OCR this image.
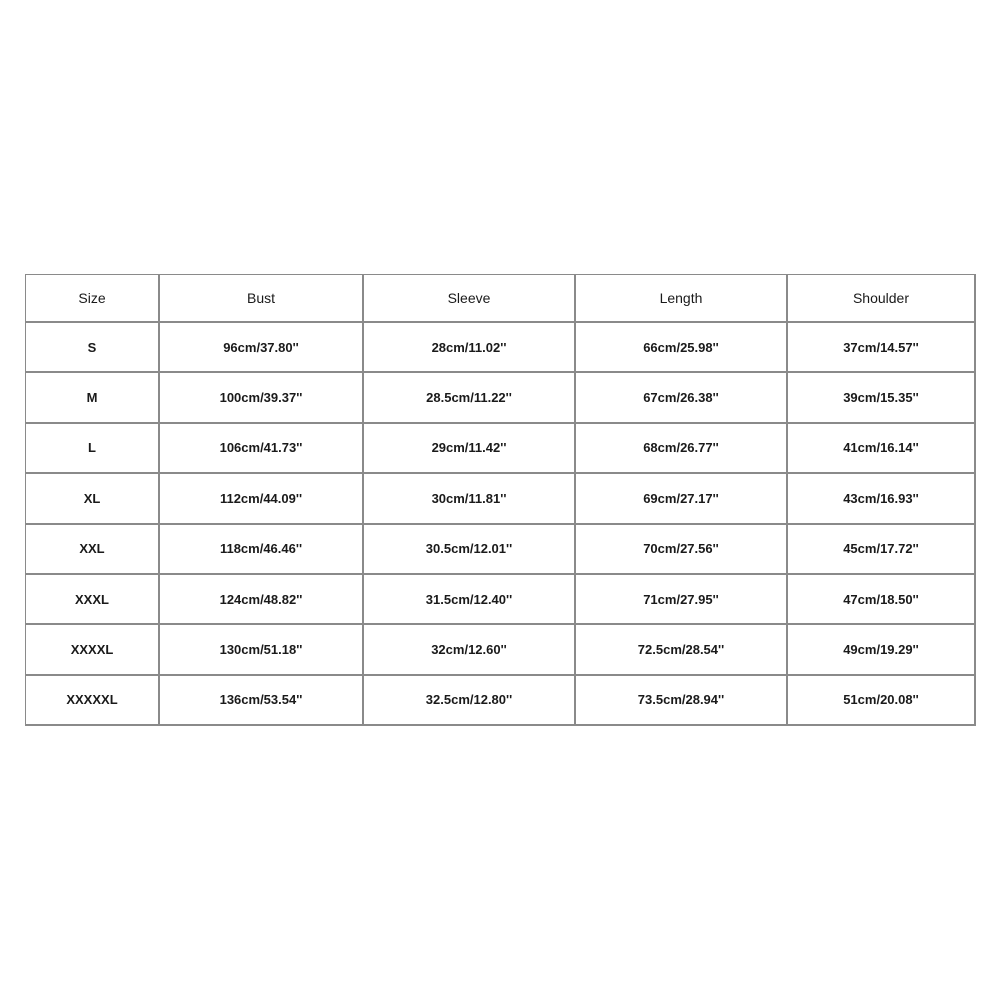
Size	Bust	Sleeve	Length	Shoulder
S	96cm/37.80''	28cm/11.02''	66cm/25.98''	37cm/14.57''
M	100cm/39.37''	28.5cm/11.22''	67cm/26.38''	39cm/15.35''
L	106cm/41.73''	29cm/11.42''	68cm/26.77''	41cm/16.14''
XL	112cm/44.09''	30cm/11.81''	69cm/27.17''	43cm/16.93''
XXL	118cm/46.46''	30.5cm/12.01''	70cm/27.56''	45cm/17.72''
XXXL	124cm/48.82''	31.5cm/12.40''	71cm/27.95''	47cm/18.50''
XXXXL	130cm/51.18''	32cm/12.60''	72.5cm/28.54''	49cm/19.29''
XXXXXL	136cm/53.54''	32.5cm/12.80''	73.5cm/28.94''	51cm/20.08''
